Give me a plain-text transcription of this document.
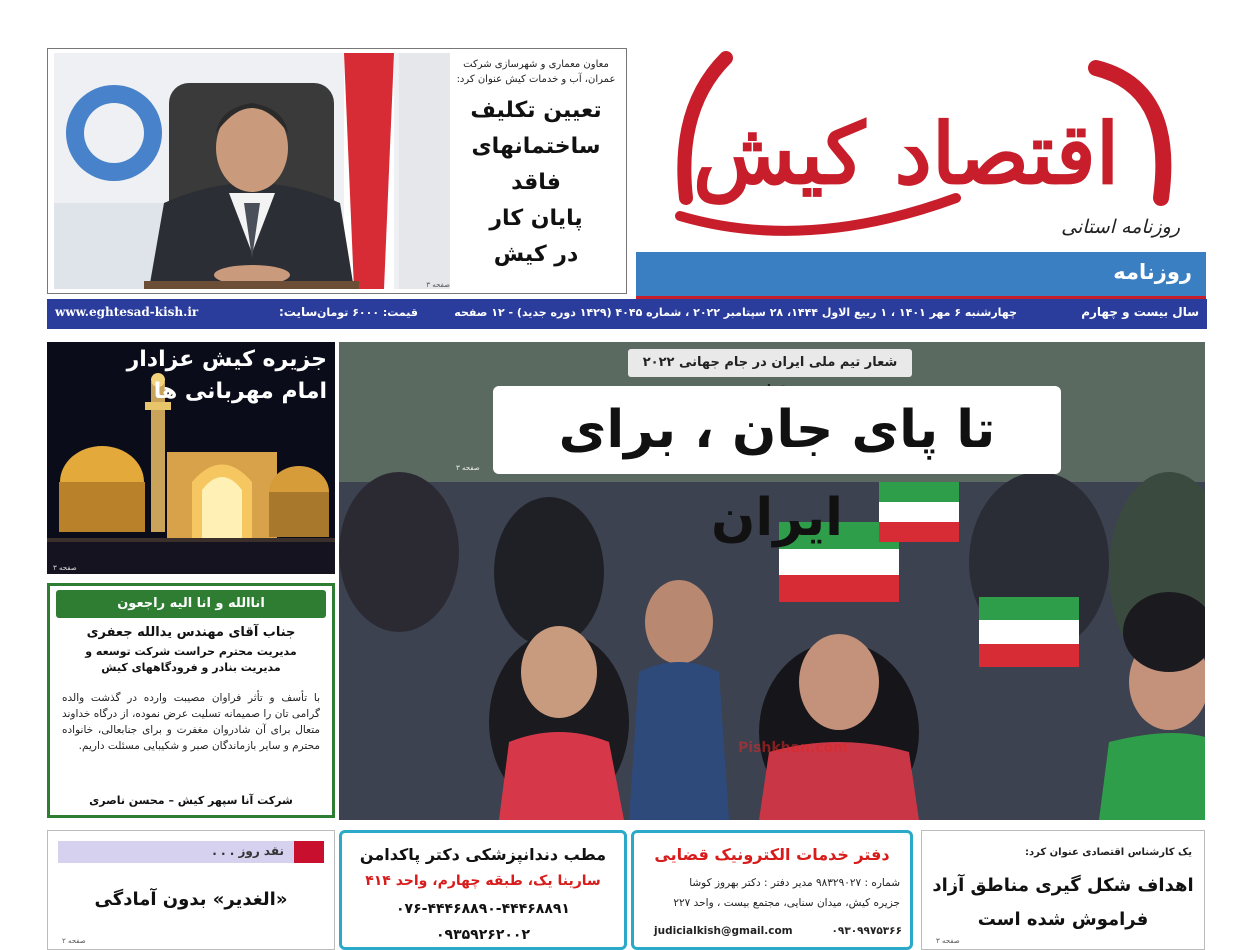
اقتصاد کیش
روزنامه استانی
روزنامه
معاون معماری و شهرسازی شرکت عمران، آب و خدمات کیش عنوان کرد:
تعیین تکلیف
ساختمانهای فاقد
پایان کار
در کیش
صفحه ۳
سال بیست و چهارم
چهارشنبه ۶ مهر ۱۴۰۱ ، ۱ ربیع الاول ۱۴۴۴، ۲۸ سپتامبر ۲۰۲۲ ، شماره ۴۰۴۵ (۱۴۲۹ دوره جدید) - ۱۲ صفحه
قیمت: ۶۰۰۰ تومان
سایت:
www.eghtesad-kish.ir
جزیره کیش عزادار
امام مهربانی ها
صفحه ۳
اناالله و انا الیه راجعون
جناب آقای مهندس یدالله جعفری
مدیریت محترم حراست شرکت توسعه و مدیریت بنادر و فرودگاههای کیش
با تأسف و تأثر فراوان مصیبت وارده در گذشت والده گرامی تان را صمیمانه تسلیت عرض نموده، از درگاه خداوند متعال برای آن شادروان مغفرت و برای جنابعالی، خانواده محترم و سایر بازماندگان صبر و شکیبایی مسئلت داریم.
شرکت آنا سپهر کیش – محسن ناصری
شعار تیم ملی ایران در جام جهانی ۲۰۲۲
تا پای جان ، برای ایران
صفحه ۳
Pishkhan.com
نقد روز . . .
«الغدیر» بدون آمادگی
صفحه ۲
مطب دندانپزشکی دکتر پاکدامن
سارینا یک، طبقه چهارم، واحد ۴۱۴
۰۷۶-۴۴۴۶۸۸۹۰-۴۴۴۶۸۸۹۱
۰۹۳۵۹۲۶۲۰۰۲
دفتر خدمات الکترونیک قضایی
شماره : ۹۸۳۲۹۰۲۷ مدیر دفتر : دکتر بهروز کوشا
جزیره کیش، میدان سنایی، مجتمع بیست ، واحد ۲۲۷
۰۹۳۰۹۹۷۵۳۶۶
judicialkish@gmail.com
یک کارشناس اقتصادی عنوان کرد:
اهداف شکل گیری مناطق آزاد
فراموش شده است
صفحه ۳
